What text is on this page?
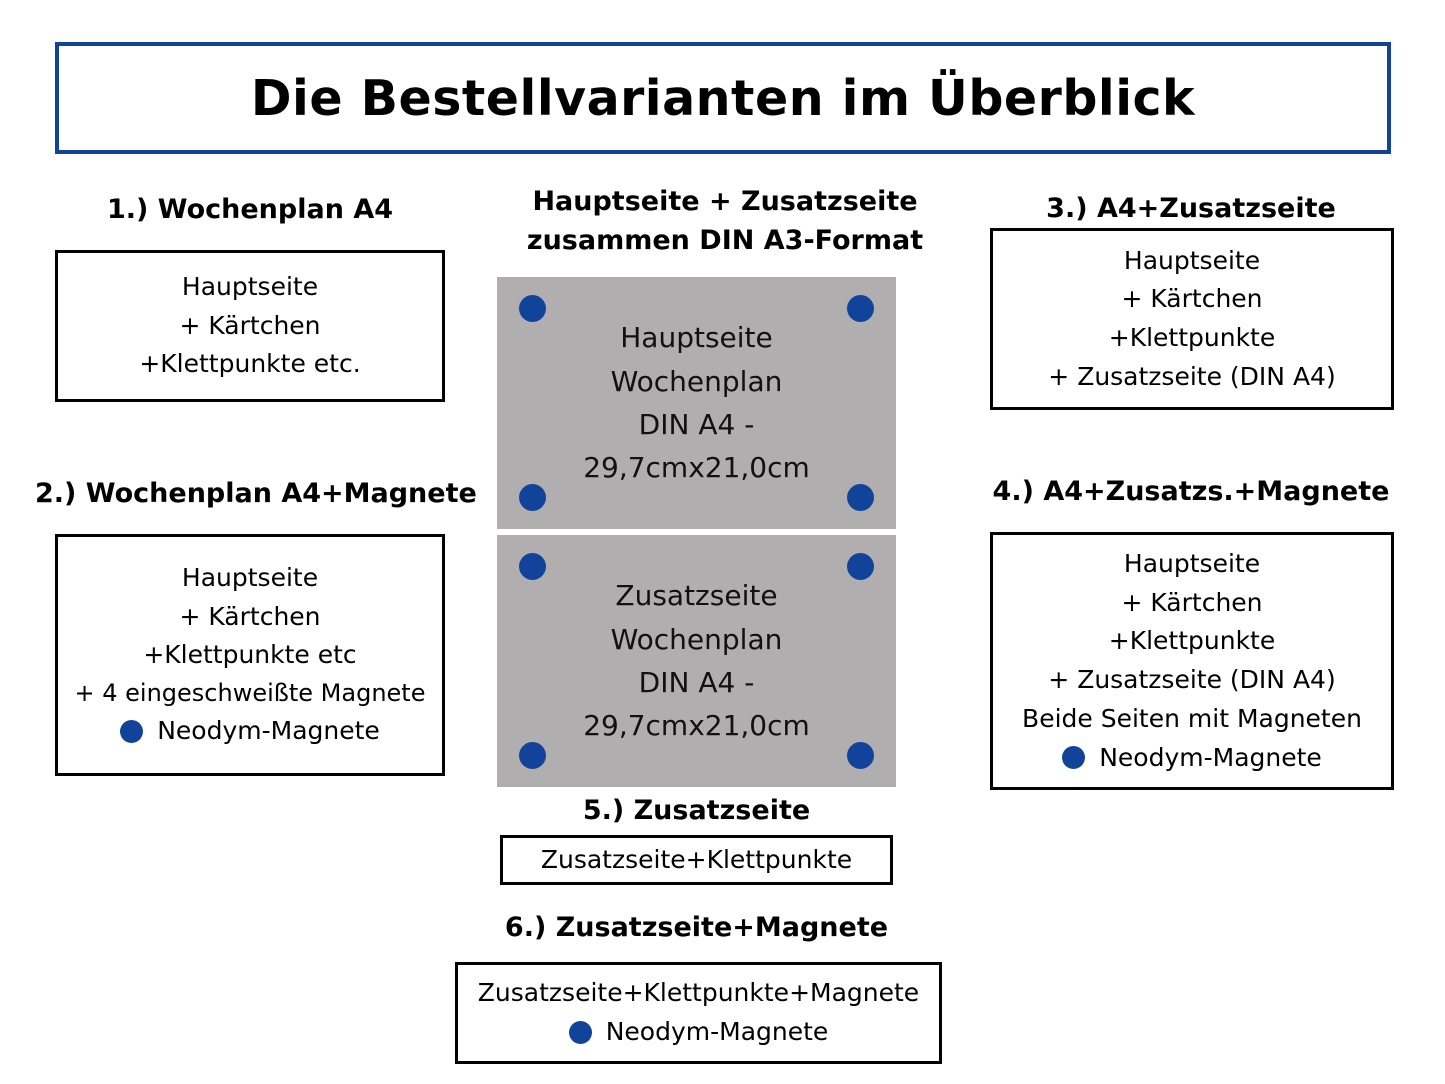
Die Bestellvarianten im Überblick
1.) Wochenplan A4
Hauptseite
+ Kärtchen
+Klettpunkte etc.
2.) Wochenplan A4+Magnete
Hauptseite
+ Kärtchen
+Klettpunkte etc
+ 4 eingeschweißte Magnete
Neodym-Magnete
Hauptseite + Zusatzseite
zusammen DIN A3-Format
Hauptseite
Wochenplan
DIN A4 -
29,7cmx21,0cm
Zusatzseite
Wochenplan
DIN A4 -
29,7cmx21,0cm
3.) A4+Zusatzseite
Hauptseite
+ Kärtchen
+Klettpunkte
+ Zusatzseite (DIN A4)
4.) A4+Zusatzs.+Magnete
Hauptseite
+ Kärtchen
+Klettpunkte
+ Zusatzseite (DIN A4)
Beide Seiten mit Magneten
Neodym-Magnete
5.) Zusatzseite
Zusatzseite+Klettpunkte
6.) Zusatzseite+Magnete
Zusatzseite+Klettpunkte+Magnete
Neodym-Magnete
